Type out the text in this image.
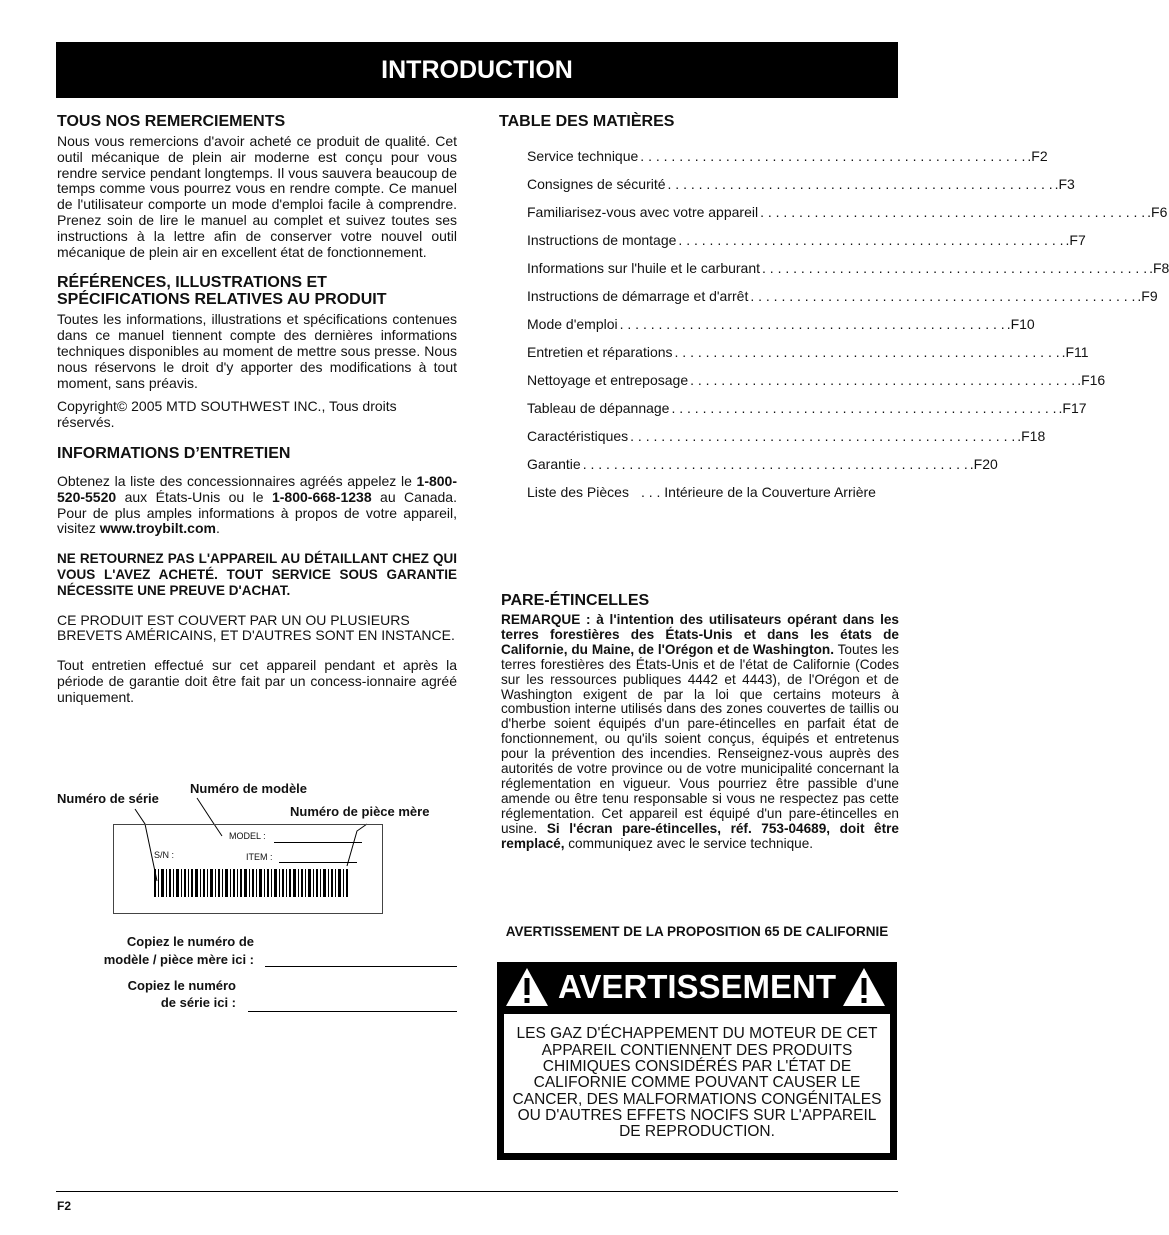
INTRODUCTION
TOUS NOS REMERCIEMENTS

Nous vous remercions d'avoir acheté ce produit de qualité. Cet outil mécanique de plein air moderne est conçu pour vous rendre service pendant longtemps. Il vous sauvera beaucoup de temps comme vous pourrez vous en rendre compte. Ce manuel de l'utilisateur comporte un mode d'emploi facile à comprendre. Prenez soin de lire le manuel au complet et suivez toutes ses instructions à la lettre afin de conserver votre nouvel outil mécanique de plein air en excellent état de fonctionnement.

RÉFÉRENCES, ILLUSTRATIONS ET SPÉCIFICATIONS RELATIVES AU PRODUIT

Toutes les informations, illustrations et spécifications contenues dans ce manuel tiennent compte des dernières informations techniques disponibles au moment de mettre sous presse. Nous nous réservons le droit d'y apporter des modifications à tout moment, sans préavis.

Copyright© 2005 MTD SOUTHWEST INC., Tous droits réservés.

INFORMATIONS D’ENTRETIEN

Obtenez la liste des concessionnaires agréés appelez le 1-800-520-5520 aux États-Unis ou le 1-800-668-1238 au Canada. Pour de plus amples informations à propos de votre appareil, visitez www.troybilt.com.

NE RETOURNEZ PAS L'APPAREIL AU DÉTAILLANT CHEZ QUI VOUS L'AVEZ ACHETÉ. TOUT SERVICE SOUS GARANTIE NÉCESSITE UNE PREUVE D'ACHAT.

CE PRODUIT EST COUVERT PAR UN OU PLUSIEURS BREVETS AMÉRICAINS, ET D'AUTRES SONT EN INSTANCE.

Tout entretien effectué sur cet appareil pendant et après la période de garantie doit être fait par un concess-ionnaire agréé uniquement.

Numéro de modèle
Numéro de série
Numéro de pièce mère
MODEL :
S/N :	ITEM :
Copiez le numéro de
modèle / pièce mère ici :
Copiez le numéro
de série ici :
TABLE DES MATIÈRES
Service technique . . . . . . . . . . . . . . . . . . . . . . . . . . . . . . . . . . . . . . . . . . . . . . . . . . .F2
Consignes de sécurité . . . . . . . . . . . . . . . . . . . . . . . . . . . . . . . . . . . . . . . . . . . . . . . . . . .F3
Familiarisez-vous avec votre appareil . . . . . . . . . . . . . . . . . . . . . . . . . . . . . . . . . . . . . . . . . . . . . . . . . . .F6
Instructions de montage . . . . . . . . . . . . . . . . . . . . . . . . . . . . . . . . . . . . . . . . . . . . . . . . . . .F7
Informations sur l'huile et le carburant . . . . . . . . . . . . . . . . . . . . . . . . . . . . . . . . . . . . . . . . . . . . . . . . . . .F8
Instructions de démarrage et d'arrêt . . . . . . . . . . . . . . . . . . . . . . . . . . . . . . . . . . . . . . . . . . . . . . . . . . .F9
Mode d'emploi . . . . . . . . . . . . . . . . . . . . . . . . . . . . . . . . . . . . . . . . . . . . . . . . . . .F10
Entretien et réparations . . . . . . . . . . . . . . . . . . . . . . . . . . . . . . . . . . . . . . . . . . . . . . . . . . .F11
Nettoyage et entreposage . . . . . . . . . . . . . . . . . . . . . . . . . . . . . . . . . . . . . . . . . . . . . . . . . . .F16
Tableau de dépannage . . . . . . . . . . . . . . . . . . . . . . . . . . . . . . . . . . . . . . . . . . . . . . . . . . .F17
Caractéristiques . . . . . . . . . . . . . . . . . . . . . . . . . . . . . . . . . . . . . . . . . . . . . . . . . . .F18
Garantie . . . . . . . . . . . . . . . . . . . . . . . . . . . . . . . . . . . . . . . . . . . . . . . . . . .F20
Liste des Pièces . . . Intérieure de la Couverture Arrière
PARE-ÉTINCELLES

REMARQUE : à l'intention des utilisateurs opérant dans les terres forestières des États-Unis et dans les états de Californie, du Maine, de l'Orégon et de Washington. Toutes les terres forestières des États-Unis et de l'état de Californie (Codes sur les ressources publiques 4442 et 4443), de l'Orégon et de Washington exigent de par la loi que certains moteurs à combustion interne utilisés dans des zones couvertes de taillis ou d'herbe soient équipés d'un pare-étincelles en parfait état de fonctionnement, ou qu'ils soient conçus, équipés et entretenus pour la prévention des incendies. Renseignez-vous auprès des autorités de votre province ou de votre municipalité concernant la réglementation en vigueur. Vous pourriez être passible d'une amende ou être tenu responsable si vous ne respectez pas cette réglementation. Cet appareil est équipé d'un pare-étincelles en usine. Si l'écran pare-étincelles, réf. 753-04689, doit être remplacé, communiquez avec le service technique.

AVERTISSEMENT DE LA PROPOSITION 65 DE CALIFORNIE
AVERTISSEMENT
LES GAZ D'ÉCHAPPEMENT DU MOTEUR DE CET APPAREIL CONTIENNENT DES PRODUITS CHIMIQUES CONSIDÉRÉS PAR L'ÉTAT DE CALIFORNIE COMME POUVANT CAUSER LE CANCER, DES MALFORMATIONS CONGÉNITALES OU D'AUTRES EFFETS NOCIFS SUR L'APPAREIL DE REPRODUCTION.
F2
